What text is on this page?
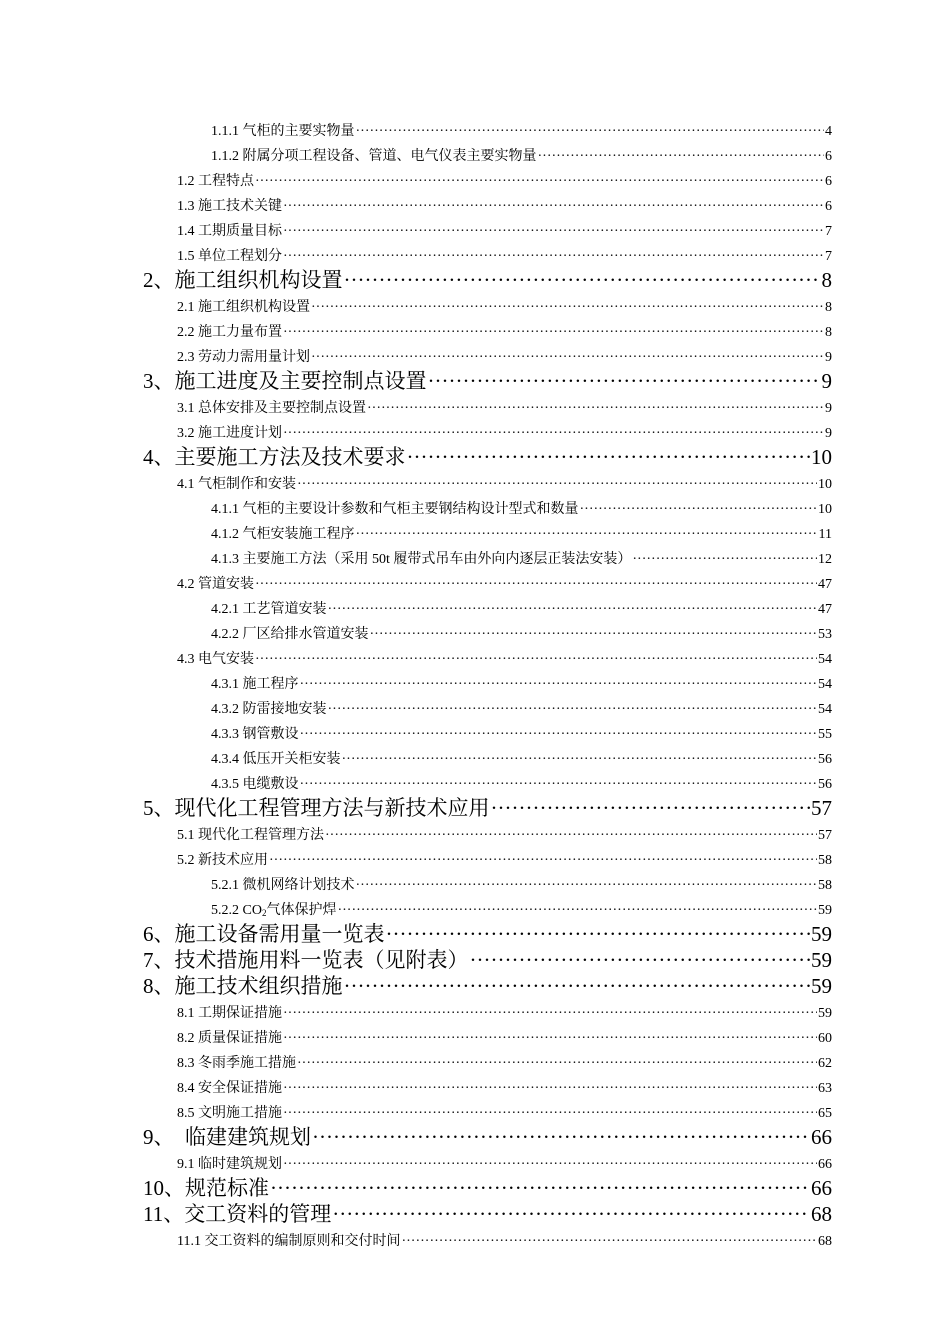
1.1.1 气柜的主要实物量 ·····	4
1.1.2 附属分项工程设备、管道、电气仪表主要实物量 ·····	6
1.2 工程特点 ·····	6
1.3 施工技术关键 ·····	6
1.4 工期质量目标 ·····	7
1.5 单位工程划分 ·····	7
2、施工组织机构设置 ·····	8
2.1 施工组织机构设置 ·····	8
2.2 施工力量布置 ·····	8
2.3 劳动力需用量计划 ·····	9
3、施工进度及主要控制点设置 ·····	9
3.1 总体安排及主要控制点设置 ·····	9
3.2 施工进度计划 ·····	9
4、主要施工方法及技术要求 ·····	10
4.1 气柜制作和安装 ·····	10
4.1.1 气柜的主要设计参数和气柜主要钢结构设计型式和数量 ·····	10
4.1.2 气柜安装施工程序 ·····	11
4.1.3 主要施工方法（采用 50t 履带式吊车由外向内逐层正装法安装） ·····	12
4.2 管道安装 ·····	47
4.2.1 工艺管道安装 ·····	47
4.2.2 厂区给排水管道安装 ·····	53
4.3 电气安装 ·····	54
4.3.1 施工程序 ·····	54
4.3.2 防雷接地安装 ·····	54
4.3.3 钢管敷设 ·····	55
4.3.4 低压开关柜安装 ·····	56
4.3.5 电缆敷设 ·····	56
5、现代化工程管理方法与新技术应用 ·····	57
5.1 现代化工程管理方法 ·····	57
5.2 新技术应用 ·····	58
5.2.1 微机网络计划技术 ·····	58
5.2.2 $CO_2$气体保护焊 ·····	59
6、施工设备需用量一览表 ·····	59
7、技术措施用料一览表（见附表） ·····	59
8、施工技术组织措施 ·····	59
8.1 工期保证措施 ·····	59
8.2 质量保证措施 ·····	60
8.3 冬雨季施工措施 ·····	62
8.4 安全保证措施 ·····	63
8.5 文明施工措施 ·····	65
9、　临建建筑规划 ·····	66
9.1 临时建筑规划 ·····	66
10、规范标准 ·····	66
11、交工资料的管理 ·····	68
11.1 交工资料的编制原则和交付时间 ·····	68
